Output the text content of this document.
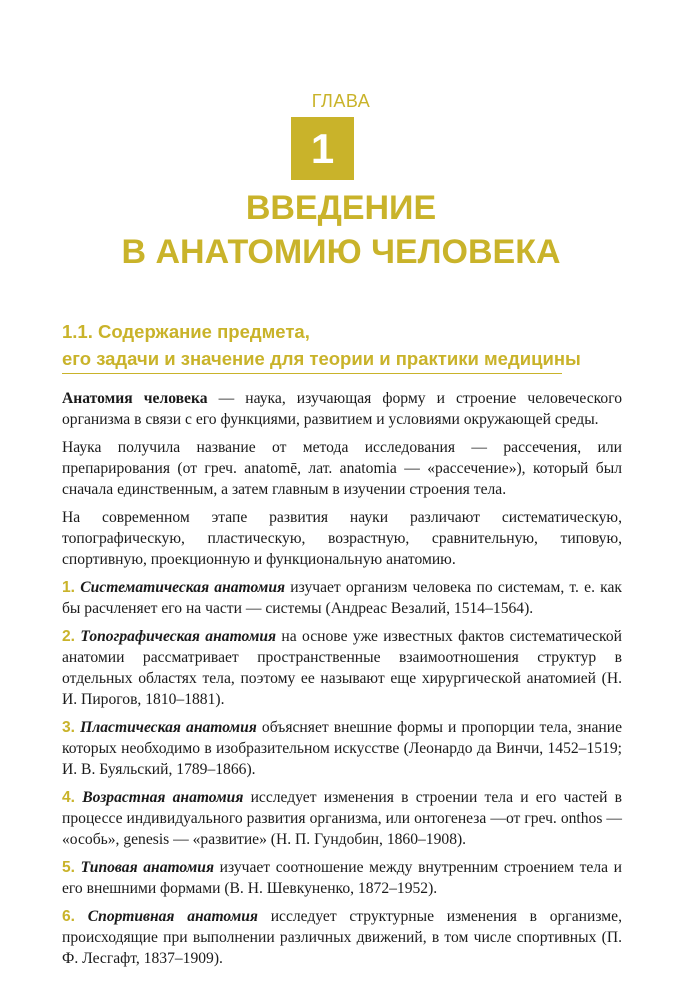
ГЛАВА
1
ВВЕДЕНИЕ
В АНАТОМИЮ ЧЕЛОВЕКА
1.1. Содержание предмета,
его задачи и значение для теории и практики медицины

Анатомия человека — наука, изучающая форму и строение человеческого организма в связи с его функциями, развитием и условиями окружающей среды.

Наука получила название от метода исследования — рассечения, или препарирования (от греч. anatomē, лат. anatomia — «рассечение»), который был сначала единственным, а затем главным в изучении строения тела.

На современном этапе развития науки различают систематическую, топографическую, пластическую, возрастную, сравнительную, типовую, спортивную, проекционную и функциональную анатомию.

1. Систематическая анатомия изучает организм человека по системам, т. е. как бы расчленяет его на части — системы (Андреас Везалий, 1514–1564).

2. Топографическая анатомия на основе уже известных фактов систематической анатомии рассматривает пространственные взаимоотношения структур в отдельных областях тела, поэтому ее называют еще хирургической анатомией (Н. И. Пирогов, 1810–1881).

3. Пластическая анатомия объясняет внешние формы и пропорции тела, знание которых необходимо в изобразительном искусстве (Леонардо да Винчи, 1452–1519; И. В. Буяльский, 1789–1866).

4. Возрастная анатомия исследует изменения в строении тела и его частей в процессе индивидуального развития организма, или онтогенеза —от греч. onthos — «особь», genesis — «развитие» (Н. П. Гундобин, 1860–1908).

5. Типовая анатомия изучает соотношение между внутренним строением тела и его внешними формами (В. Н. Шевкуненко, 1872–1952).

6. Спортивная анатомия исследует структурные изменения в организме, происходящие при выполнении различных движений, в том числе спортивных (П. Ф. Лесгафт, 1837–1909).
